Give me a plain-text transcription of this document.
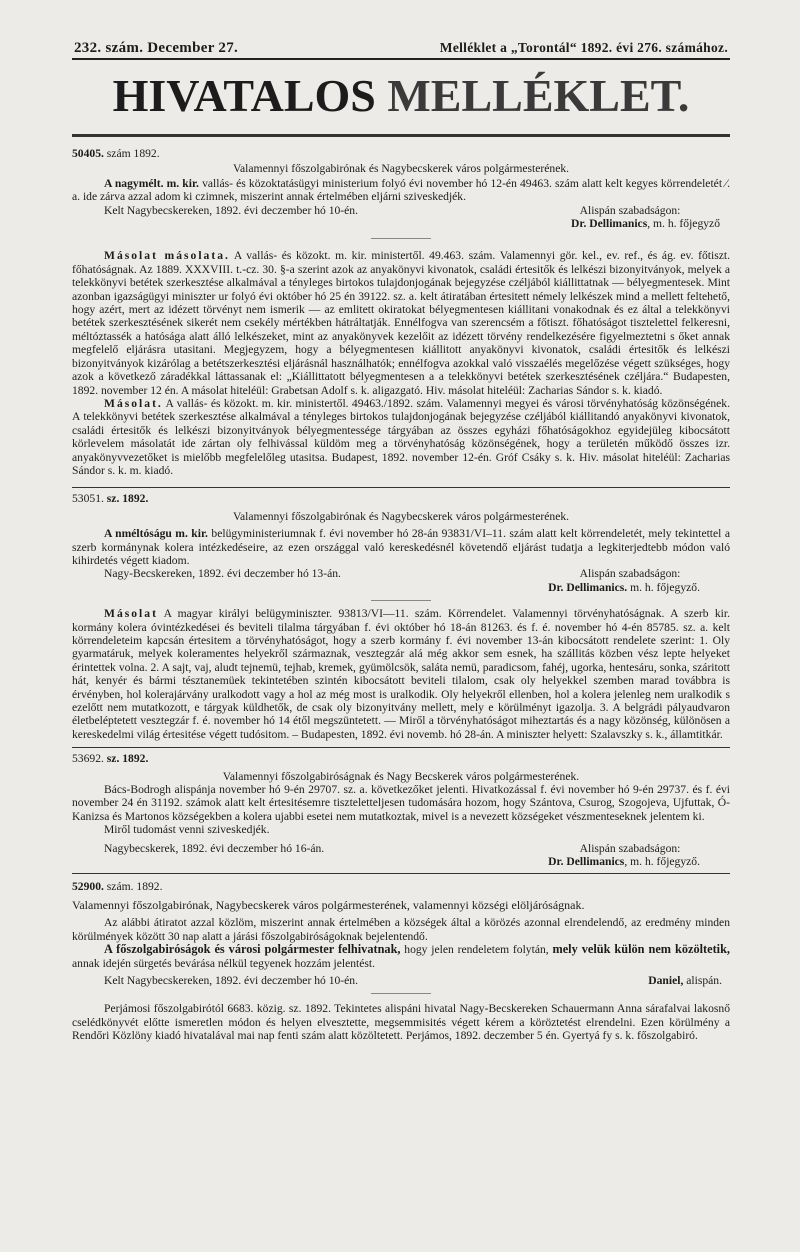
232. szám. December 27.	Melléklet a „Torontál“ 1892. évi 276. számához.
HIVATALOS MELLÉKLET.
50405. szám 1892.
Valamennyi főszolgabirónak és Nagybecskerek város polgármesterének.

A nagymélt. m. kir. vallás- és közoktatásügyi ministerium folyó évi november hó 12-én 49463. szám alatt kelt kegyes körrendeletét ⁄. a. ide zárva azzal adom ki czimnek, miszerint annak értelmében eljárni sziveskedjék.

Kelt Nagybecskereken, 1892. évi deczember hó 10-én.	Alispán szabadságon:
Dr. Dellimanics, m. h. főjegyző

Másolat másolata. A vallás- és közokt. m. kir. ministertől. 49.463. szám. Valamennyi gör. kel., ev. ref., és ág. ev. főtiszt. főhatóságnak. Az 1889. XXXVIII. t.-cz. 30. §-a szerint azok az anyakönyvi kivonatok, családi értesitők és lelkészi bizonyitványok, melyek a telekkönyvi betétek szerkesztése alkalmával a tényleges birtokos tulajdonjogának bejegyzése czéljából kiállittatnak — bélyegmentesek. Mint azonban igazságügyi miniszter ur folyó évi október hó 25 én 39122. sz. a. kelt átiratában értesitett némely lelkészek mind a mellett feltehető, hogy azért, mert az idézett törvényt nem ismerik — az emlitett okiratokat bélyegmentesen kiállitani vonakodnak és ez által a telekkönyvi betétek szerkesztésének sikerét nem csekély mértékben hátráltatják. Ennélfogva van szerencsém a főtiszt. főhatóságot tisztelettel felkeresni, méltóztassék a hatósága alatt álló lelkészeket, mint az anyakönyvek kezelőit az idézett törvény rendelkezésére figyelmeztetni s őket annak megfelelő eljárásra utasitani. Megjegyzem, hogy a bélyegmentesen kiállitott anyakönyvi kivonatok, családi értesitők és lelkészi bizonyitványok kizárólag a betétszerkesztési eljárásnál használhatók; ennélfogva azokkal való visszaélés megelőzése végett szükséges, hogy azok a következő záradékkal láttassanak el: „Kiállittatott bélyegmentesen a a telekkönyvi betétek szerkesztésének czéljára.“ Budapesten, 1892. november 12 én. A másolat hiteléül: Grabetsan Adolf s. k. aligazgató. Hiv. másolat hiteléül: Zacharias Sándor s. k. kiadó.

Másolat. A vallás- és közokt. m. kir. ministertől. 49463./1892. szám. Valamennyi megyei és városi törvényhatóság közönségének. A telekkönyvi betétek szerkesztése alkalmával a tényleges birtokos tulajdonjogának bejegyzése czéljából kiállitandó anyakönyvi kivonatok, családi értesitők és lelkészi bizonyitványok bélyegmentessége tárgyában az összes egyházi főhatóságokhoz egyidejüleg kibocsátott körlevelem másolatát ide zártan oly felhivással küldöm meg a törvényhatóság közönségének, hogy a területén működő összes izr. anyakönyvvezetőket is mielőbb megfelelőleg utasitsa. Budapest, 1892. november 12-én. Gróf Csáky s. k. Hiv. másolat hiteléül: Zacharias Sándor s. k. m. kiadó.

53051. sz. 1892.
Valamennyi főszolgabirónak és Nagybecskerek város polgármesterének.

A nméltóságu m. kir. belügyministeriumnak f. évi november hó 28-án 93831/VI–11. szám alatt kelt körrendeletét, mely tekintettel a szerb kormánynak kolera intézkedéseire, az ezen országgal való kereskedésnél követendő eljárást tudatja a legkiterjedtebb módon való kihirdetés végett kiadom.

Nagy-Becskereken, 1892. évi deczember hó 13-án.	Alispán szabadságon:
Dr. Dellimanics. m. h. főjegyző.

Másolat A magyar királyi belügyminiszter. 93813/VI—11. szám. Körrendelet. Valamennyi törvényhatóságnak. A szerb kir. kormány kolera óvintézkedései és beviteli tilalma tárgyában f. évi október hó 18-án 81263. és f. é. november hó 4-én 85785. sz. a. kelt körrendeleteim kapcsán értesitem a törvényhatóságot, hogy a szerb kormány f. évi november 13-án kibocsátott rendelete szerint: 1. Oly gyarmatáruk, melyek koleramentes helyekről származnak, vesztegzár alá még akkor sem esnek, ha szállitás közben vész lepte helyeket érintettek volna. 2. A sajt, vaj, aludt tejnemü, tejhab, kremek, gyümölcsök, saláta nemü, paradicsom, fahéj, ugorka, hentesáru, sonka, száritott hát, kenyér és bármi tésztanemüek tekintetében szintén kibocsátott beviteli tilalom, csak oly helyekkel szemben marad továbbra is érvényben, hol kolerajárvány uralkodott vagy a hol az még most is uralkodik. Oly helyekről ellenben, hol a kolera jelenleg nem uralkodik s ezelőtt nem mutatkozott, e tárgyak küldhetők, de csak oly bizonyitvány mellett, mely e körülményt igazolja. 3. A belgrádi pályaudvaron életbeléptetett vesztegzár f. é. november hó 14 étől megszüntetett. — Miről a törvényhatóságot miheztartás és a nagy közönség, különösen a kereskedelmi világ értesitése végett tudósitom. – Budapesten, 1892. évi novemb. hó 28-án. A miniszter helyett: Szalavszky s. k., államtitkár.

53692. sz. 1892.
Valamennyi főszolgabiróságnak és Nagy Becskerek város polgármesterének.

Bács-Bodrogh alispánja november hó 9-én 29707. sz. a. következőket jelenti. Hivatkozással f. évi november hó 9-én 29737. és f. évi november 24 én 31192. számok alatt kelt értesitésemre tiszteletteljesen tudomására hozom, hogy Szántova, Csurog, Szogojeva, Ujfuttak, Ó-Kanizsa és Martonos községekben a kolera ujabbi esetei nem mutatkoztak, mivel is a nevezett községeket vészmenteseknek jelentem ki.

Miről tudomást venni sziveskedjék.

Nagybecskerek, 1892. évi deczember hó 16-án.	Alispán szabadságon:
Dr. Dellimanics, m. h. főjegyző.
52900. szám. 1892.
Valamennyi főszolgabirónak, Nagybecskerek város polgármesterének, valamennyi községi elöljáróságnak.

Az alábbi átiratot azzal közlöm, miszerint annak értelmében a községek által a körözés azonnal elrendelendő, az eredmény minden körülmények között 30 nap alatt a járási főszolgabiróságoknak bejelentendő.

A főszolgabiróságok és városi polgármester felhivatnak, hogy jelen rendeletem folytán, mely velük külön nem közöltetik, annak idején sürgetés bevárása nélkül tegyenek hozzám jelentést.

Kelt Nagybecskereken, 1892. évi deczember hó 10-én.	Daniel, alispán.

Perjámosi főszolgabirótól 6683. közig. sz. 1892. Tekintetes alispáni hivatal Nagy-Becskereken Schauermann Anna sárafalvai lakosnő cselédkönyvét előtte ismeretlen módon és helyen elvesztette, megsemmisités végett kérem a köröztetést elrendelni. Ezen körülmény a Rendőri Közlöny kiadó hivatalával mai nap fenti szám alatt közöltetett. Perjámos, 1892. deczember 5 én. Gyertyá fy s. k. főszolgabiró.
